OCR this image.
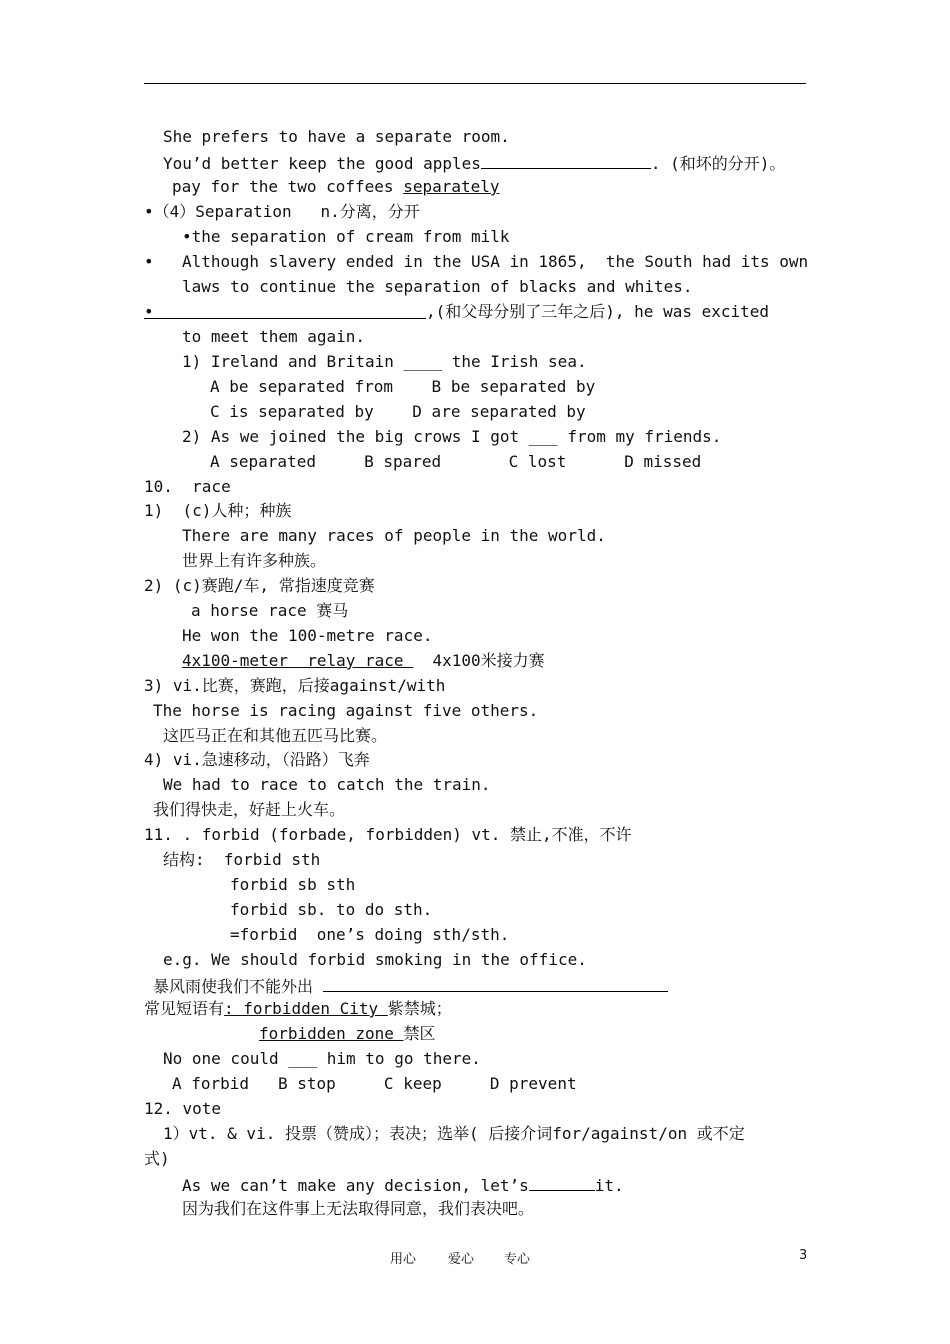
She prefers to have a separate room.
You’d better keep the good apples	. (和坏的分开)。
pay for the two coffees separately
•（4）Separation   n.分离，分开
•the separation of cream from milk
• Although slavery ended in the USA in 1865,  the South had its own
laws to continue the separation of blacks and whites.
•	,(和父母分别了三年之后), he was excited
to meet them again.
1) Ireland and Britain ____ the Irish sea.
A be separated from    B be separated by
C is separated by    D are separated by
2) As we joined the big crows I got ___ from my friends.
A separated     B spared       C lost      D missed
10.  race
1)  (c)人种；种族
There are many races of people in the world.
世界上有许多种族。
2) (c)赛跑/车, 常指速度竞赛
a horse race 赛马
He won the 100-metre race.
4x100-meter  relay race   4x100米接力赛
3) vi.比赛，赛跑，后接against/with
The horse is racing against five others.
这匹马正在和其他五匹马比赛。
4) vi.急速移动，（沿路）飞奔
We had to race to catch the train.
我们得快走，好赶上火车。
11. . forbid (forbade, forbidden) vt. 禁止,不准，不许
结构:  forbid sth
forbid sb sth
forbid sb. to do sth.
=forbid  one’s doing sth/sth.
e.g. We should forbid smoking in the office.
暴风雨使我们不能外出
常见短语有: forbidden City 紫禁城；
forbidden zone 禁区
No one could ___ him to go there.
A forbid   B stop     C keep     D prevent
12. vote
1）vt. & vi. 投票（赞成）；表决；选举( 后接介词for/against/on 或不定
式)
As we can’t make any decision, let’s	it.
因为我们在这件事上无法取得同意，我们表决吧。
用心 爱心 专心	3
